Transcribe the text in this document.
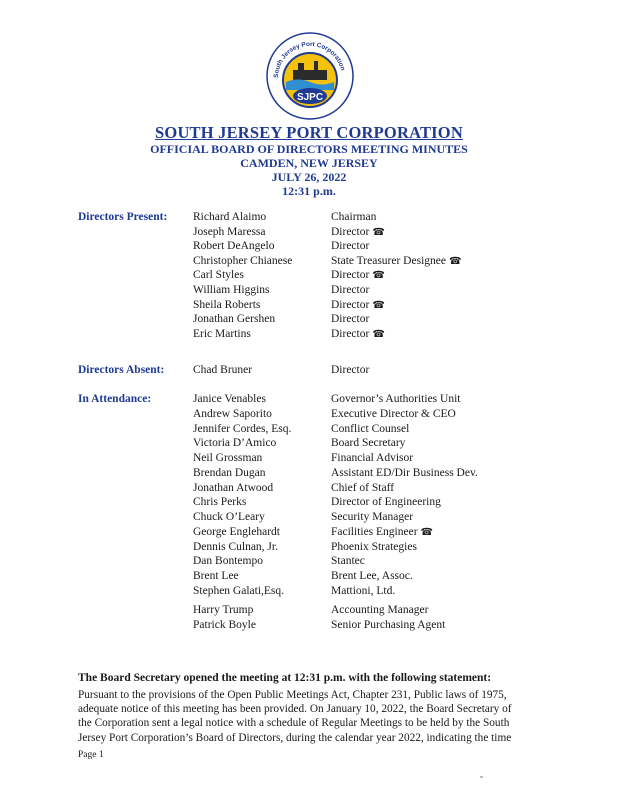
SJPC
South Jersey Port Corporation
SOUTH JERSEY PORT CORPORATION
OFFICIAL BOARD OF DIRECTORS MEETING MINUTES
CAMDEN, NEW JERSEY
JULY 26, 2022
12:31 p.m.
Directors Present: Richard Alaimo	Chairman
Joseph Maressa	Director ☎
Robert DeAngelo	Director
Christopher Chianese	State Treasurer Designee ☎
Carl Styles	Director ☎
William Higgins	Director
Sheila Roberts	Director ☎
Jonathan Gershen	Director
Eric Martins	Director ☎
Directors Absent: Chad Bruner	Director
In Attendance:	Janice Venables	Governor’s Authorities Unit
Andrew Saporito	Executive Director & CEO
Jennifer Cordes, Esq.	Conflict Counsel
Victoria D’Amico	Board Secretary
Neil Grossman	Financial Advisor
Brendan Dugan	Assistant ED/Dir Business Dev.
Jonathan Atwood	Chief of Staff
Chris Perks	Director of Engineering
Chuck O’Leary	Security Manager
George Englehardt	Facilities Engineer ☎
Dennis Culnan, Jr.	Phoenix Strategies
Dan Bontempo	Stantec
Brent Lee	Brent Lee, Assoc.
Stephen Galati,Esq.	Mattioni, Ltd.
Harry Trump	Accounting Manager
Patrick Boyle	Senior Purchasing Agent
The Board Secretary opened the meeting at 12:31 p.m. with the following statement:
Pursuant to the provisions of the Open Public Meetings Act, Chapter 231, Public laws of 1975,
adequate notice of this meeting has been provided. On January 10, 2022, the Board Secretary of
the Corporation sent a legal notice with a schedule of Regular Meetings to be held by the South
Jersey Port Corporation’s Board of Directors, during the calendar year 2022, indicating the time
Page 1
